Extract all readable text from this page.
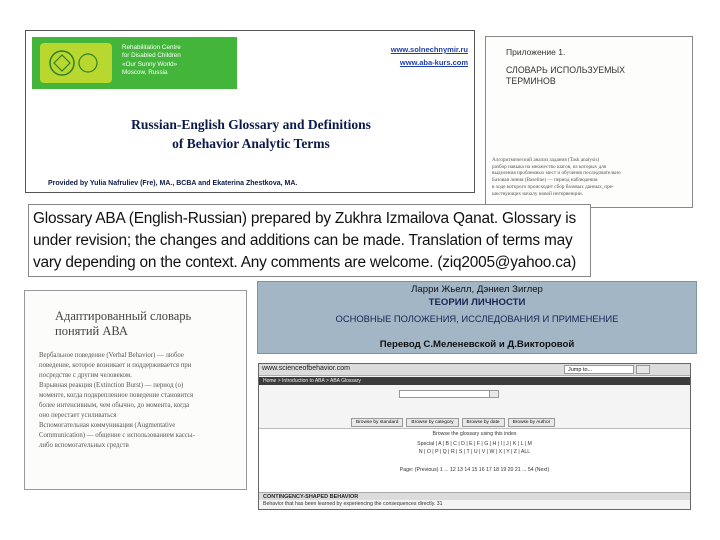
Rehabilitation Centre
for Disabled Children
«Our Sunny World»
Moscow, Russia
www.solnechnymir.ru
www.aba-kurs.com
Russian-English Glossary and Definitions
of Behavior Analytic Terms
Provided by Yulia Nafruliev (Fre), MA., BCBA and Ekaterina Zhestkova, MA.
Приложение 1.
СЛОВАРЬ ИСПОЛЬЗУЕМЫХ ТЕРМИНОВ
Алгоритмический анализ задания (Task analysis)
разбор навыка на множество шагов, из которых для
выделения проблемных мест и обучения последовательно
Базовая линия (Baseline) — период наблюдения
в ходе которого происходит сбор базовых данных, пре-
шествующих началу новой интервенции.
Glossary ABA (English-Russian) prepared by Zukhra Izmailova Qanat. Glossary is under revision; the changes and additions can be made. Translation of terms may vary depending on the context. Any comments are welcome. (ziq2005@yahoo.ca)
Адаптированный словарь
понятий АВА
Вербальное поведение (Verbal Behavior) — любое
поведение, которое возникает и поддерживается при
посредстве с другим человеком.
Взрывная реакция (Extinction Burst) — период (о)
моменте, когда подкрепленное поведение становится
более интенсивным, чем обычно, до момента, когда
оно перестает усиливаться
Вспомогательная коммуникация (Augmentative
Communication) — общение с использованием кассы-
либо вспомогательных средств
Ларри Жьелл, Дэниел Зиглер
ТЕОРИИ ЛИЧНОСТИ
ОСНОВНЫЕ ПОЛОЖЕНИЯ, ИССЛЕДОВАНИЯ И ПРИМЕНЕНИЕ
Перевод С.Меленевской и Д.Викторовой
www.scienceofbehavior.com	Jump to...
Home > Introduction to ABA > ABA Glossary
Browse by standard	Browse by category	Browse by date	Browse by Author
Browse the glossary using this index
Special | A | B | C | D | E | F | G | H | I | J | K | L | M
N | O | P | Q | R | S | T | U | V | W | X | Y | Z | ALL
Page: (Previous) 1 ... 12 13 14 15 16 17 18 19 20 21 ... 54 (Next)
CONTINGENCY-SHAPED BEHAVIOR
Behavior that has been learned by experiencing the consequences directly. 31
